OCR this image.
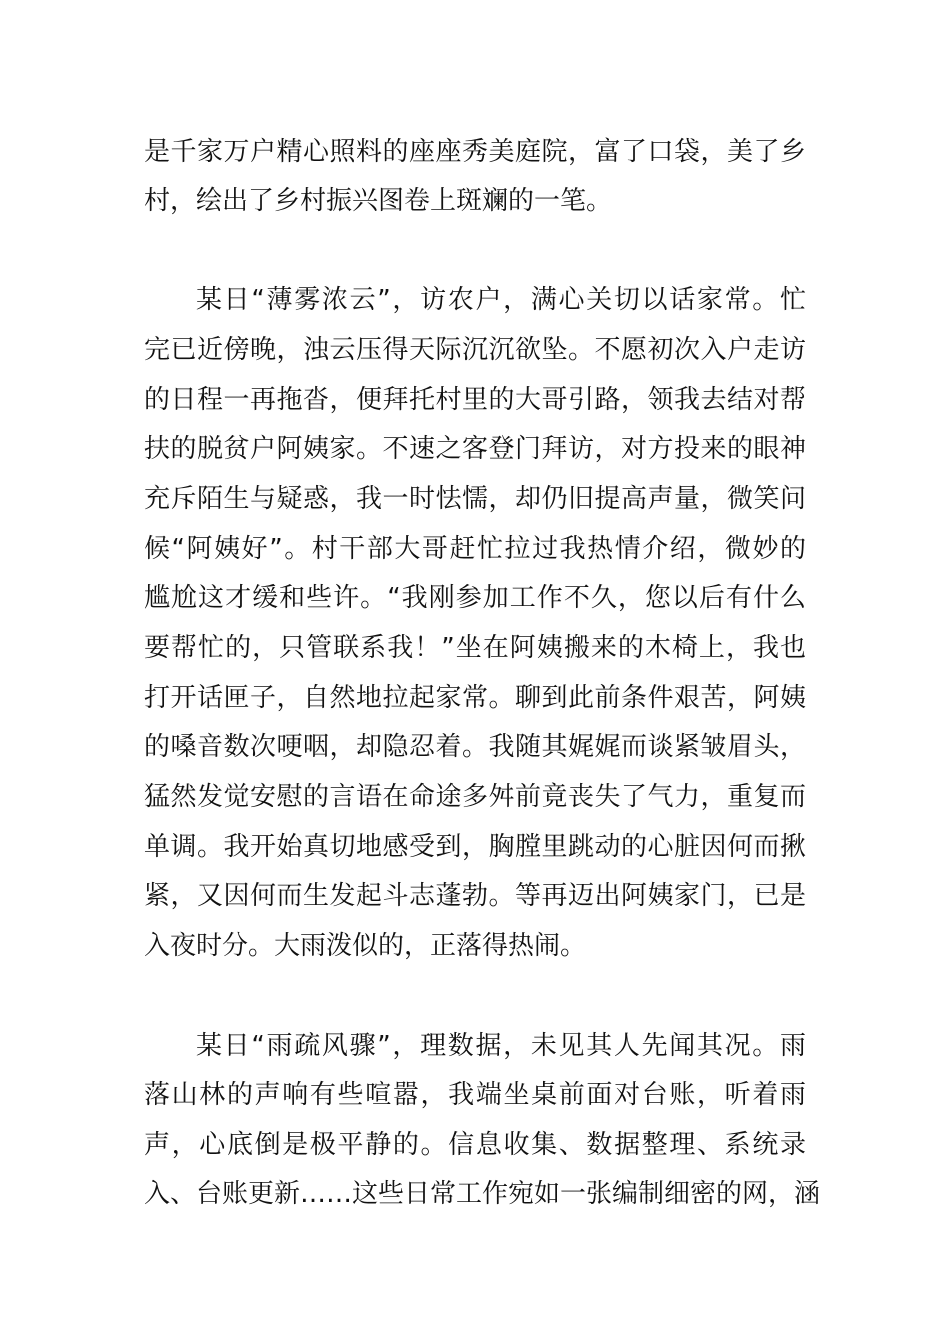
是千家万户精心照料的座座秀美庭院，富了口袋，美了乡
村，绘出了乡村振兴图卷上斑斓的一笔。
某日“薄雾浓云”，访农户，满心关切以话家常。忙
完已近傍晚，浊云压得天际沉沉欲坠。不愿初次入户走访
的日程一再拖沓，便拜托村里的大哥引路，领我去结对帮
扶的脱贫户阿姨家。不速之客登门拜访，对方投来的眼神
充斥陌生与疑惑，我一时怯懦，却仍旧提高声量，微笑问
候“阿姨好”。村干部大哥赶忙拉过我热情介绍，微妙的
尴尬这才缓和些许。“我刚参加工作不久，您以后有什么
要帮忙的，只管联系我！”坐在阿姨搬来的木椅上，我也
打开话匣子，自然地拉起家常。聊到此前条件艰苦，阿姨
的嗓音数次哽咽，却隐忍着。我随其娓娓而谈紧皱眉头，
猛然发觉安慰的言语在命途多舛前竟丧失了气力，重复而
单调。我开始真切地感受到，胸膛里跳动的心脏因何而揪
紧，又因何而生发起斗志蓬勃。等再迈出阿姨家门，已是
入夜时分。大雨泼似的，正落得热闹。
某日“雨疏风骤”，理数据，未见其人先闻其况。雨
落山林的声响有些喧嚣，我端坐桌前面对台账，听着雨
声，心底倒是极平静的。信息收集、数据整理、系统录
入、台账更新……这些日常工作宛如一张编制细密的网，涵
